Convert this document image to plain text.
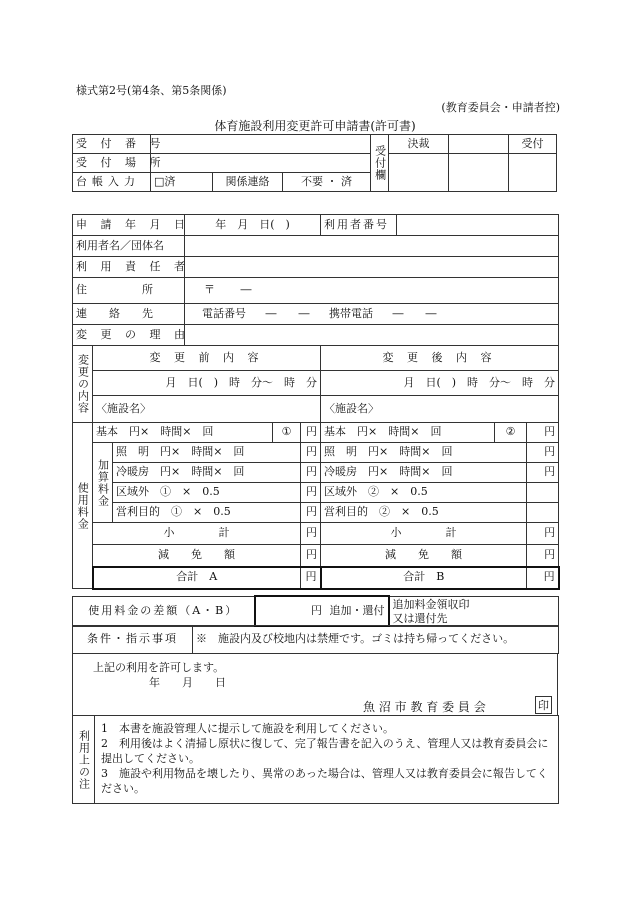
様式第2号(第4条、第5条関係)
(教育委員会・申請者控)
体育施設利用変更許可申請書(許可書)
受 付 番 号				受付欄	決裁		受付
受 付 場 所							
台帳入力	□済	関係連絡	不要 ・ 済				
申 請 年 月 日			年　月　日(　)			利用者番号			
利用者名／団体名									
利 用 責 任 者									
住　　　　　所			〒 ―						
連　　絡　　先			電話番号 ―　　― 携帯電話 ―　　―						
変 更 の 理 由									
変更の内容	変 更 前 内 容					変 更 後 内 容			
	月　日(　)　時　分～　時　分					月　日(　)　時　分～　時　分			
	〈施設名〉					〈施設名〉			
使用料金	基本　 円×　時間×　回			①	円	基本　 円×　時間×　回		②	円
	加算料金	照　明　 円×　時間×　回			円	照　明　 円×　時間×　回			円
		冷暖房　 円×　時間×　回			円	冷暖房　 円×　時間×　回			円
		区域外　 ①　×　0.5			円	区域外　 ②　×　0.5			
		営利目的　 ①　×　0.5			円	営利目的　 ②　×　0.5			
	小　　　　計				円	小　　　　計			円
	減　　免　　額				円	減　　免　　額			円
	合計　A				円	合計　B			円
使用料金の差額（A・B）	円 追加・還付	追加料金領収印又は還付先
条件・指示事項	※　施設内及び校地内は禁煙です。ゴミは持ち帰ってください。
上記の利用を許可します。
年　　月　　日
魚 沼 市 教 育 委 員 会	印
利用上の注	
1　本書を施設管理人に提示して施設を利用してください。
2　利用後はよく清掃し原状に復して、完了報告書を記入のうえ、管理人又は教育委員会に提出してください。
3　施設や利用物品を壊したり、異常のあった場合は、管理人又は教育委員会に報告してください。
